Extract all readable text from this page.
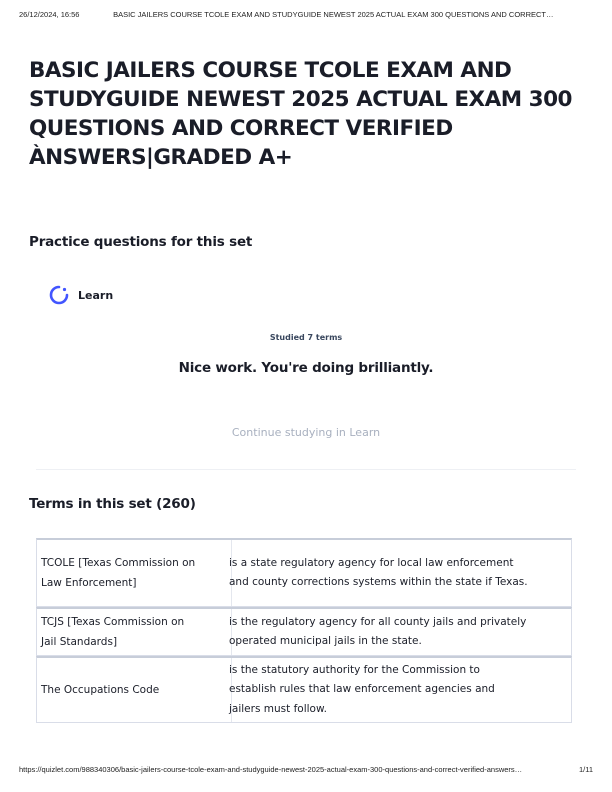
26/12/2024, 16:56	BASIC JAILERS COURSE TCOLE EXAM AND STUDYGUIDE NEWEST 2025 ACTUAL EXAM 300 QUESTIONS AND CORRECT…
BASIC JAILERS COURSE TCOLE EXAM AND STUDYGUIDE NEWEST 2025 ACTUAL EXAM 300 QUESTIONS AND CORRECT VERIFIED ÀNSWERS|GRADED A+
Practice questions for this set
Learn
Studied 7 terms
Nice work. You're doing brilliantly.
Continue studying in Learn
Terms in this set (260)
TCOLE [Texas Commission on Law Enforcement]
is a state regulatory agency for local law enforcement and county corrections systems within the state if Texas.
TCJS [Texas Commission on Jail Standards]
is the regulatory agency for all county jails and privately operated municipal jails in the state.
The Occupations Code
is the statutory authority for the Commission to establish rules that law enforcement agencies and jailers must follow.
https://quizlet.com/988340306/basic-jailers-course-tcole-exam-and-studyguide-newest-2025-actual-exam-300-questions-and-correct-verified-answers…	1/11
